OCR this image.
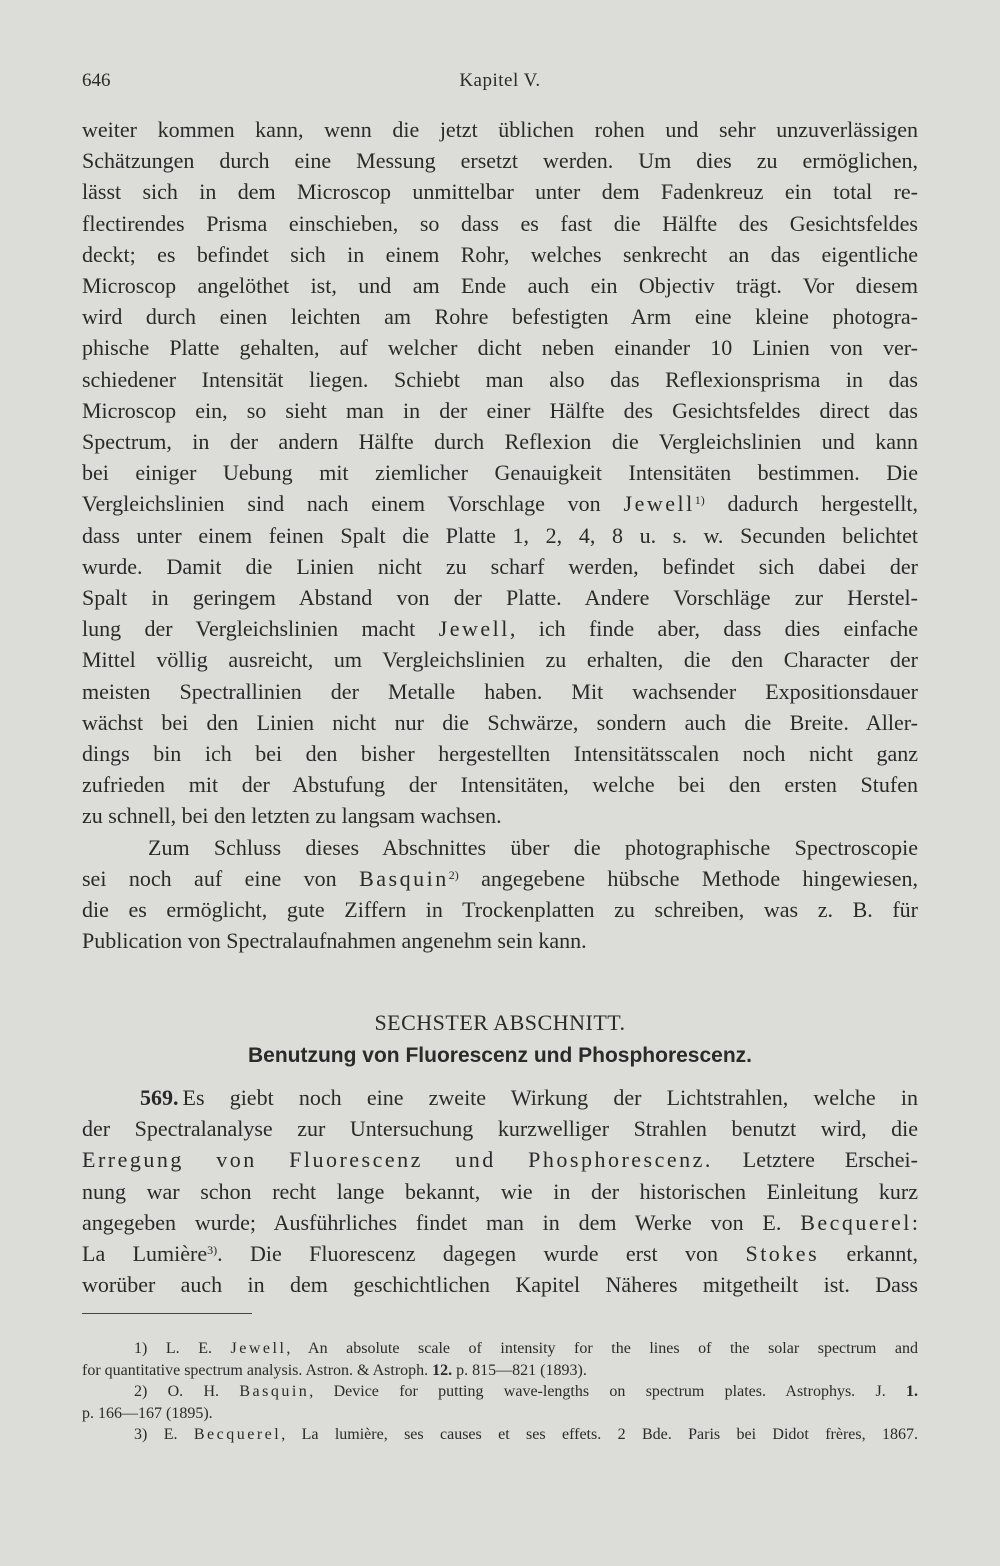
646	Kapitel V.

weiter kommen kann, wenn die jetzt üblichen rohen und sehr unzuverlässigen

Schätzungen durch eine Messung ersetzt werden. Um dies zu ermöglichen,

lässt sich in dem Microscop unmittelbar unter dem Fadenkreuz ein total re-

flectirendes Prisma einschieben, so dass es fast die Hälfte des Gesichtsfeldes

deckt; es befindet sich in einem Rohr, welches senkrecht an das eigentliche

Microscop angelöthet ist, und am Ende auch ein Objectiv trägt. Vor diesem

wird durch einen leichten am Rohre befestigten Arm eine kleine photogra-

phische Platte gehalten, auf welcher dicht neben einander 10 Linien von ver-

schiedener Intensität liegen. Schiebt man also das Reflexionsprisma in das

Microscop ein, so sieht man in der einer Hälfte des Gesichtsfeldes direct das

Spectrum, in der andern Hälfte durch Reflexion die Vergleichslinien und kann

bei einiger Uebung mit ziemlicher Genauigkeit Intensitäten bestimmen. Die

Vergleichslinien sind nach einem Vorschlage von Jewell$^{1)}$ dadurch hergestellt,

dass unter einem feinen Spalt die Platte 1, 2, 4, 8 u. s. w. Secunden belichtet

wurde. Damit die Linien nicht zu scharf werden, befindet sich dabei der

Spalt in geringem Abstand von der Platte. Andere Vorschläge zur Herstel-

lung der Vergleichslinien macht Jewell, ich finde aber, dass dies einfache

Mittel völlig ausreicht, um Vergleichslinien zu erhalten, die den Character der

meisten Spectrallinien der Metalle haben. Mit wachsender Expositionsdauer

wächst bei den Linien nicht nur die Schwärze, sondern auch die Breite. Aller-

dings bin ich bei den bisher hergestellten Intensitätsscalen noch nicht ganz

zufrieden mit der Abstufung der Intensitäten, welche bei den ersten Stufen

zu schnell, bei den letzten zu langsam wachsen.

Zum Schluss dieses Abschnittes über die photographische Spectroscopie

sei noch auf eine von Basquin$^{2)}$ angegebene hübsche Methode hingewiesen,

die es ermöglicht, gute Ziffern in Trockenplatten zu schreiben, was z. B. für

Publication von Spectralaufnahmen angenehm sein kann.

SECHSTER ABSCHNITT.
Benutzung von Fluorescenz und Phosphorescenz.

569. Es giebt noch eine zweite Wirkung der Lichtstrahlen, welche in

der Spectralanalyse zur Untersuchung kurzwelliger Strahlen benutzt wird, die

Erregung von Fluorescenz und Phosphorescenz. Letztere Erschei-

nung war schon recht lange bekannt, wie in der historischen Einleitung kurz

angegeben wurde; Ausführliches findet man in dem Werke von E. Becquerel:

La Lumière$^{3)}$. Die Fluorescenz dagegen wurde erst von Stokes erkannt,

worüber auch in dem geschichtlichen Kapitel Näheres mitgetheilt ist. Dass

1) L. E. Jewell, An absolute scale of intensity for the lines of the solar spectrum and

for quantitative spectrum analysis. Astron. & Astroph. 12. p. 815—821 (1893).

2) O. H. Basquin, Device for putting wave-lengths on spectrum plates. Astrophys. J. 1.

p. 166—167 (1895).

3) E. Becquerel, La lumière, ses causes et ses effets. 2 Bde. Paris bei Didot frères, 1867.
